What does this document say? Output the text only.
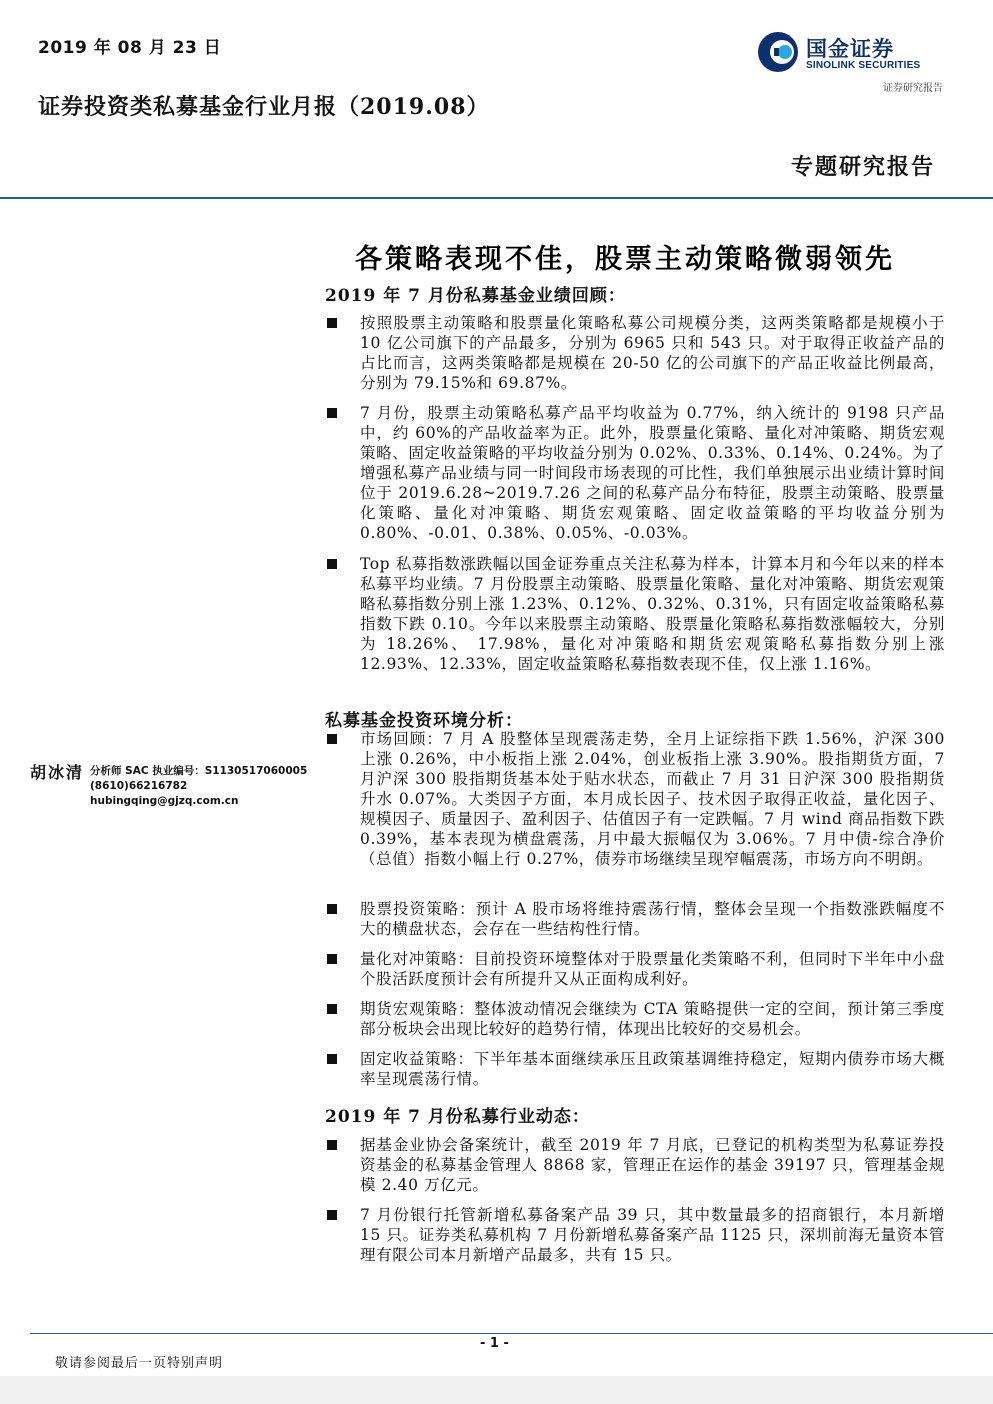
2019 年 08 月 23 日
证券投资类私募基金行业月报（2019.08）
国金证券
SINOLINK SECURITIES
证券研究报告
专题研究报告
各策略表现不佳，股票主动策略微弱领先
2019 年 7 月份私募基金业绩回顾：
按照股票主动策略和股票量化策略私募公司规模分类，这两类策略都是规模小于 10 亿公司旗下的产品最多，分别为 6965 只和 543 只。对于取得正收益产品的占比而言，这两类策略都是规模在 20-50 亿的公司旗下的产品正收益比例最高，分别为 79.15%和 69.87%。
7 月份，股票主动策略私募产品平均收益为 0.77%，纳入统计的 9198 只产品中，约 60%的产品收益率为正。此外，股票量化策略、量化对冲策略、期货宏观策略、固定收益策略的平均收益分别为 0.02%、0.33%、0.14%、0.24%。为了增强私募产品业绩与同一时间段市场表现的可比性，我们单独展示出业绩计算时间位于 2019.6.28~2019.7.26 之间的私募产品分布特征，股票主动策略、股票量化策略、量化对冲策略、期货宏观策略、固定收益策略的平均收益分别为 0.80%、-0.01、0.38%、0.05%、-0.03%。
Top 私募指数涨跌幅以国金证券重点关注私募为样本，计算本月和今年以来的样本私募平均业绩。7 月份股票主动策略、股票量化策略、量化对冲策略、期货宏观策略私募指数分别上涨 1.23%、0.12%、0.32%、0.31%，只有固定收益策略私募指数下跌 0.10。今年以来股票主动策略、股票量化策略私募指数涨幅较大，分别为 18.26%、 17.98%，量化对冲策略和期货宏观策略私募指数分别上涨 12.93%、12.33%，固定收益策略私募指数表现不佳，仅上涨 1.16%。
私募基金投资环境分析：
市场回顾：7 月 A 股整体呈现震荡走势，全月上证综指下跌 1.56%，沪深 300 上涨 0.26%，中小板指上涨 2.04%，创业板指上涨 3.90%。股指期货方面，7 月沪深 300 股指期货基本处于贴水状态，而截止 7 月 31 日沪深 300 股指期货升水 0.07%。大类因子方面，本月成长因子、技术因子取得正收益，量化因子、规模因子、质量因子、盈利因子、估值因子有一定跌幅。7 月 wind 商品指数下跌 0.39%，基本表现为横盘震荡，月中最大振幅仅为 3.06%。7 月中债-综合净价（总值）指数小幅上行 0.27%，债券市场继续呈现窄幅震荡，市场方向不明朗。
股票投资策略：预计 A 股市场将维持震荡行情，整体会呈现一个指数涨跌幅度不大的横盘状态，会存在一些结构性行情。
量化对冲策略：目前投资环境整体对于股票量化类策略不利，但同时下半年中小盘个股活跃度预计会有所提升又从正面构成利好。
期货宏观策略：整体波动情况会继续为 CTA 策略提供一定的空间，预计第三季度部分板块会出现比较好的趋势行情，体现出比较好的交易机会。
固定收益策略：下半年基本面继续承压且政策基调维持稳定，短期内债券市场大概率呈现震荡行情。
2019 年 7 月份私募行业动态：
据基金业协会备案统计，截至 2019 年 7 月底，已登记的机构类型为私募证券投资基金的私募基金管理人 8868 家，管理正在运作的基金 39197 只，管理基金规模 2.40 万亿元。
7 月份银行托管新增私募备案产品 39 只，其中数量最多的招商银行，本月新增 15 只。证券类私募机构 7 月份新增私募备案产品 1125 只，深圳前海无量资本管理有限公司本月新增产品最多，共有 15 只。
胡冰清 分析师 SAC 执业编号：S1130517060005
(8610)66216782
hubingqing@gjzq.com.cn
- 1 -
敬请参阅最后一页特别声明
